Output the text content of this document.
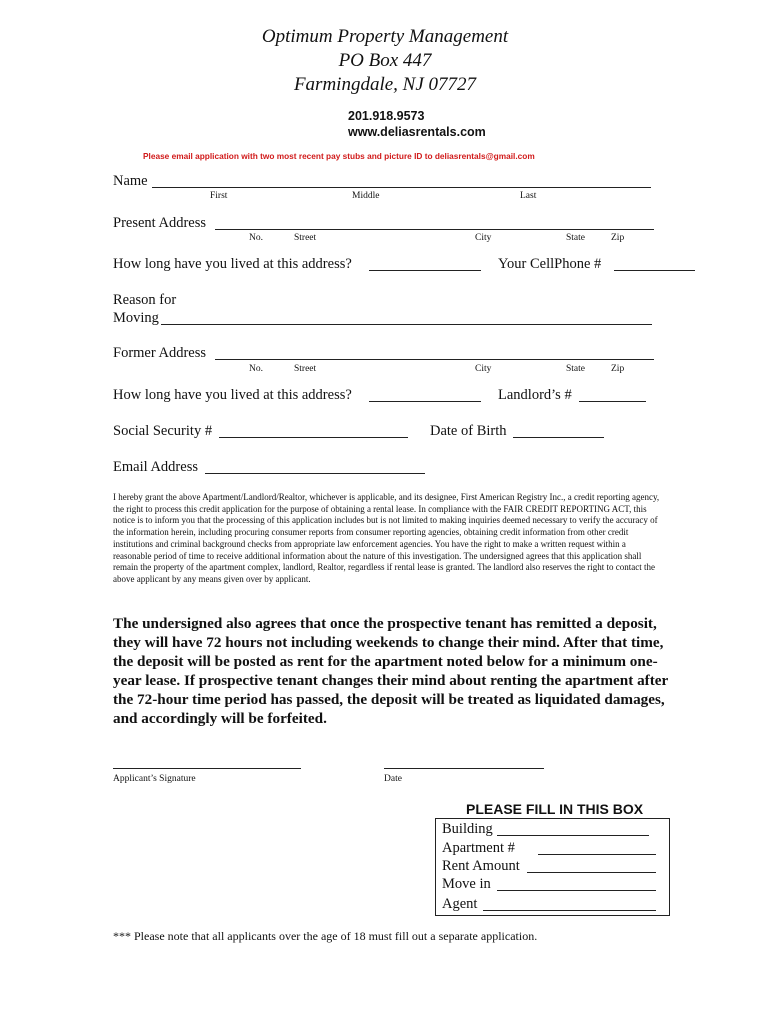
Optimum Property Management
PO Box 447
Farmingdale, NJ 07727
201.918.9573
www.deliasrentals.com
Please email application with two most recent pay stubs and picture ID to deliasrentals@gmail.com
Name
First	Middle	Last
Present Address
No.	Street	City	State	Zip
How long have you lived at this address?	Your CellPhone #
Reason for
Moving
Former Address
No.	Street	City	State	Zip
How long have you lived at this address?	Landlord’s #
Social Security #	Date of Birth
Email Address
I hereby grant the above Apartment/Landlord/Realtor, whichever is applicable, and its designee, First American Registry Inc., a credit reporting agency, the right to process this credit application for the purpose of obtaining a rental lease. In compliance with the FAIR CREDIT REPORTING ACT, this notice is to inform you that the processing of this application includes but is not limited to making inquiries deemed necessary to verify the accuracy of the information herein, including procuring consumer reports from consumer reporting agencies, obtaining credit information from other credit institutions and criminal background checks from appropriate law enforcement agencies. You have the right to make a written request within a reasonable period of time to receive additional information about the nature of this investigation. The undersigned agrees that this application shall remain the property of the apartment complex, landlord, Realtor, regardless if rental lease is granted. The landlord also reserves the right to contact the above applicant by any means given over by applicant.
The undersigned also agrees that once the prospective tenant has remitted a deposit, they will have 72 hours not including weekends to change their mind. After that time, the deposit will be posted as rent for the apartment noted below for a minimum one-year lease. If prospective tenant changes their mind about renting the apartment after the 72-hour time period has passed, the deposit will be treated as liquidated damages, and accordingly will be forfeited.
Applicant’s Signature	Date
PLEASE FILL IN THIS BOX
Building
Apartment #
Rent Amount
Move in
Agent
*** Please note that all applicants over the age of 18 must fill out a separate application.
